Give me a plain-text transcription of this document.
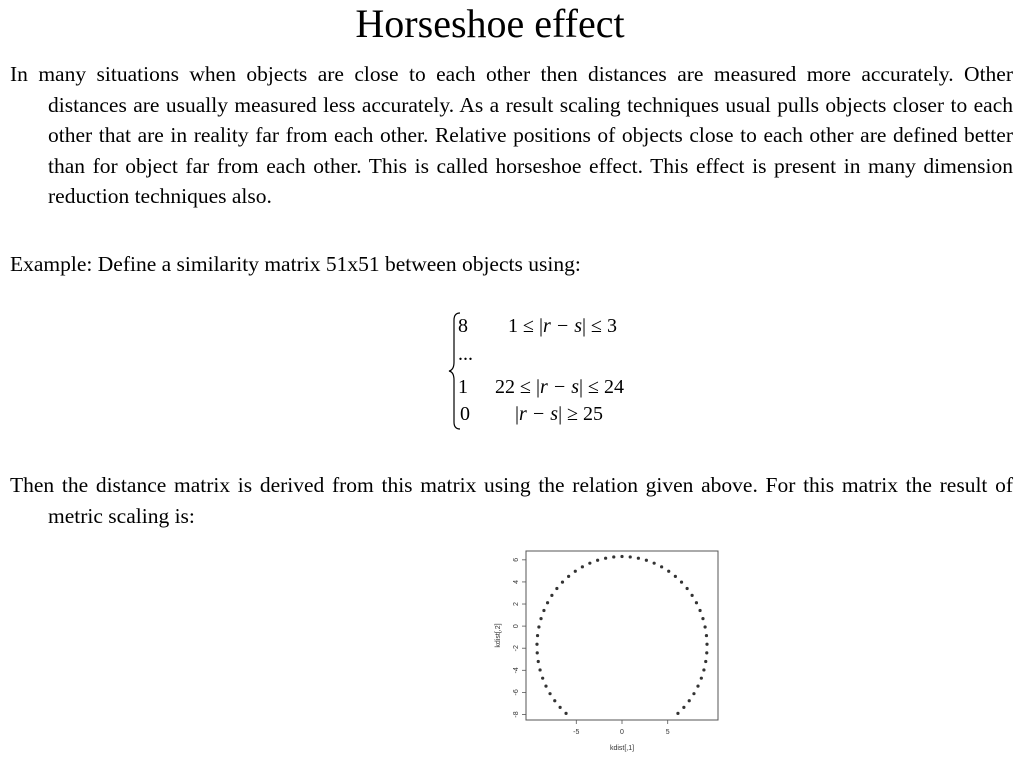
Horseshoe effect

In many situations when objects are close to each other then distances are measured more accurately. Other distances are usually measured less accurately. As a result scaling techniques usual pulls objects closer to each other that are in reality far from each other. Relative positions of objects close to each other are defined better than for object far from each other. This is called horseshoe effect. This effect is present in many dimension reduction techniques also.

Example: Define a similarity matrix 51x51 between objects using:

8 1 ≤ |r − s| ≤ 3
...
1 22 ≤ |r − s| ≤ 24
0 |r − s| ≥ 25

Then the distance matrix is derived from this matrix using the relation given above. For this matrix the result of metric scaling is:

-5	0	5
-8
-6
-4
-2
0
2
4
6
kdist[,1]
kdist[,2]
